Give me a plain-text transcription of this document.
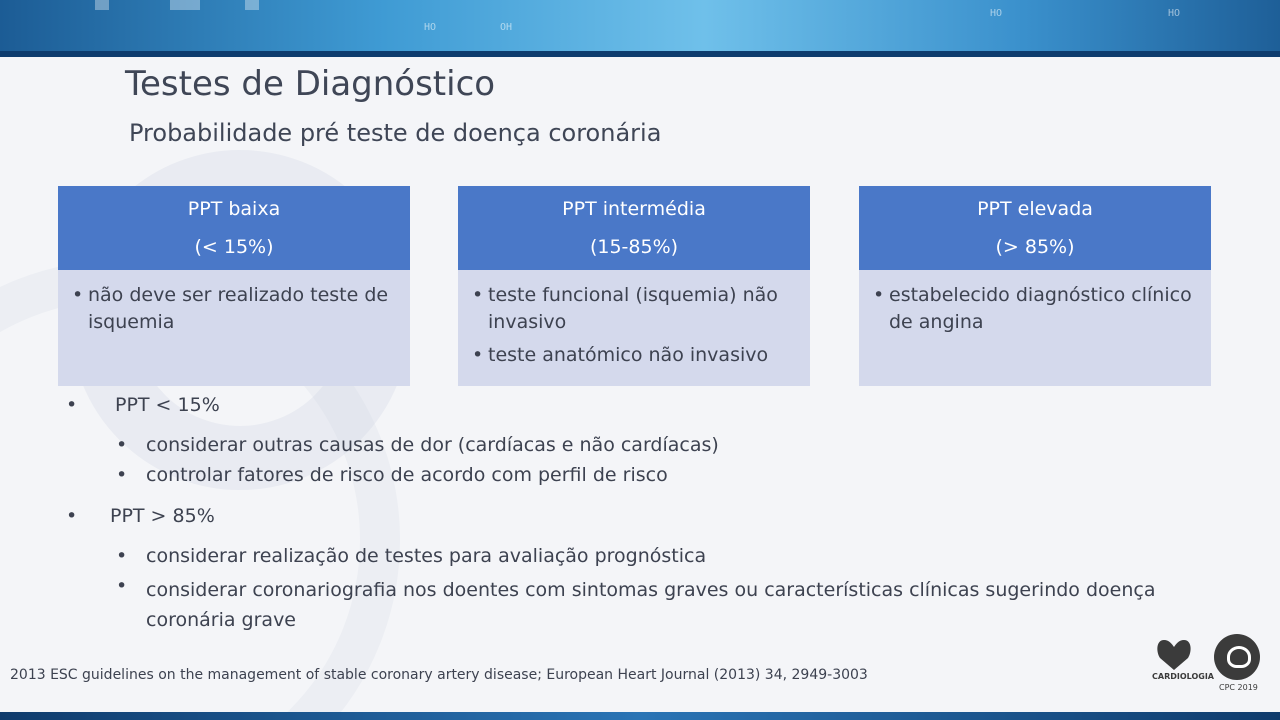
HO	OH
HO	HO
Testes de Diagnóstico
Probabilidade pré teste de doença coronária
PPT baixa
(< 15%)
• não deve ser realizado teste de isquemia
PPT intermédia
(15-85%)
• teste funcional (isquemia) não invasivo
• teste anatómico não invasivo
PPT elevada
(> 85%)
• estabelecido diagnóstico clínico de angina
• PPT < 15%
• considerar outras causas de dor (cardíacas e não cardíacas)
• controlar fatores de risco de acordo com perfil de risco
• PPT > 85%
• considerar realização de testes para avaliação prognóstica
• considerar coronariografia nos doentes com sintomas graves ou características clínicas sugerindo doença coronária grave
2013 ESC guidelines on the management of stable coronary artery disease; European Heart Journal (2013) 34, 2949-3003	CARDIOLOGIA
CPC 2019
